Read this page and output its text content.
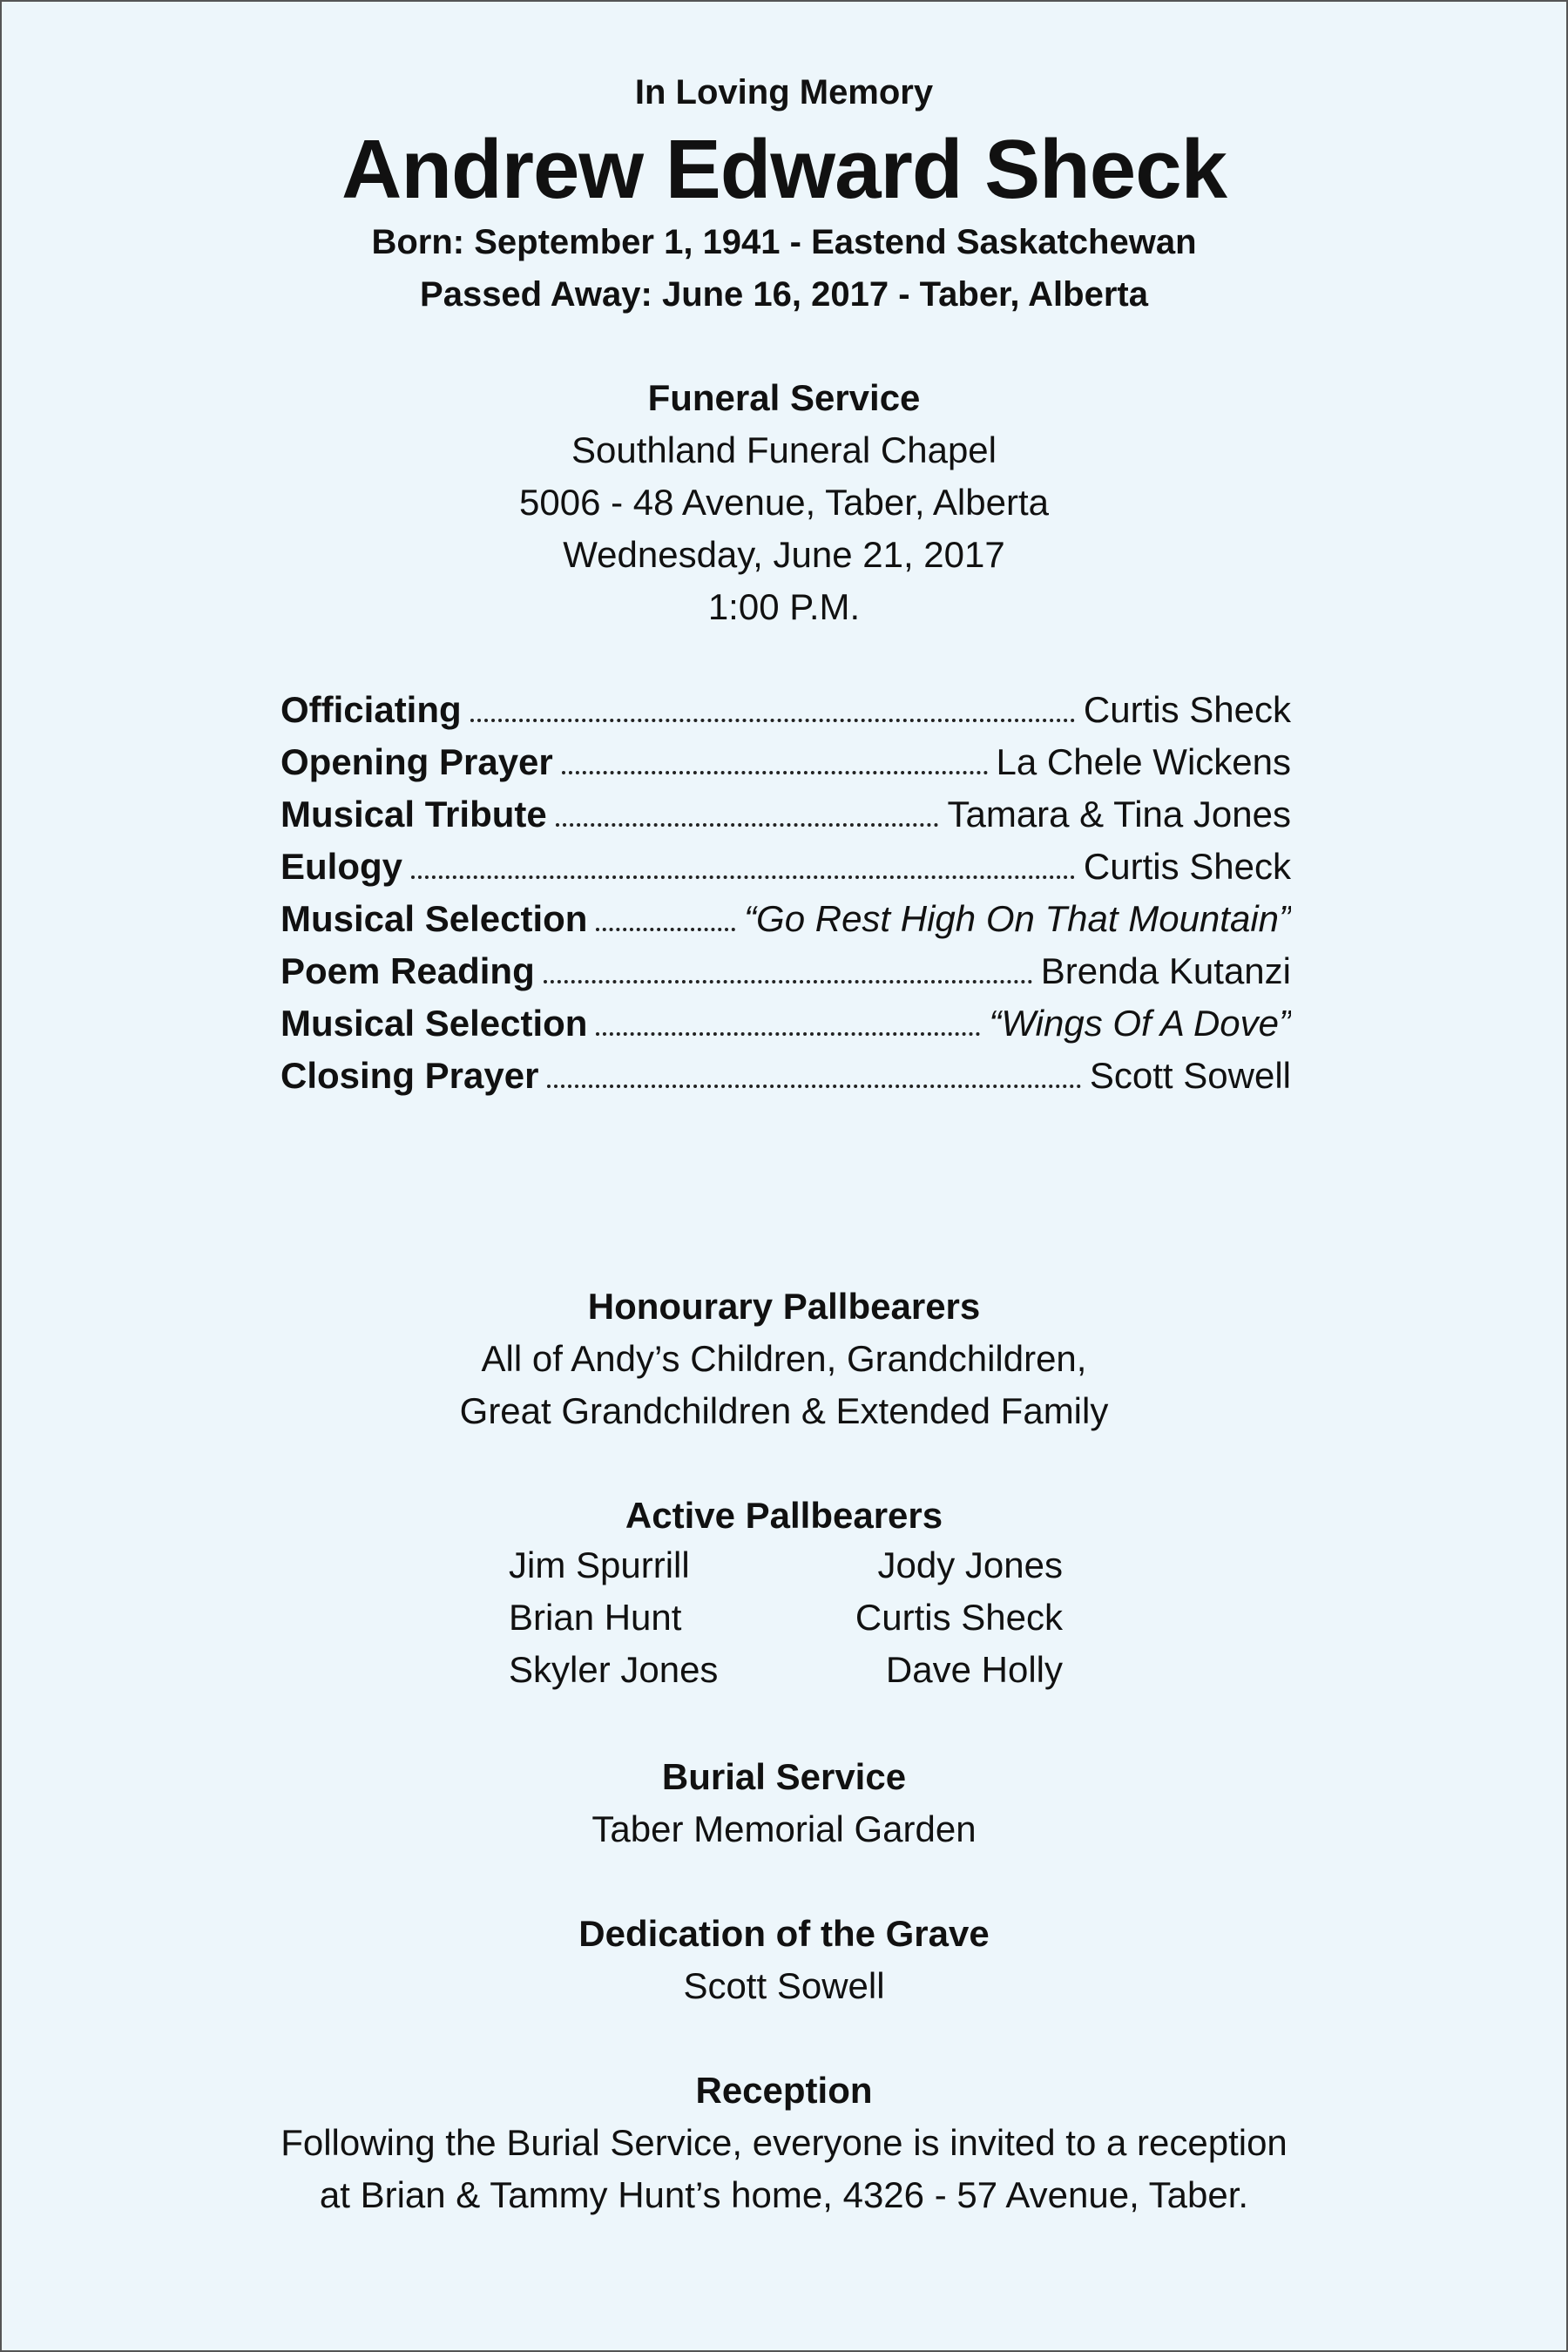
In Loving Memory
Andrew Edward Sheck
Born: September 1, 1941 - Eastend Saskatchewan
Passed Away: June 16, 2017 - Taber, Alberta
Funeral Service
Southland Funeral Chapel
5006 - 48 Avenue, Taber, Alberta
Wednesday, June 21, 2017
1:00 P.M.
Officiating	Curtis Sheck
Opening Prayer	La Chele Wickens
Musical Tribute	Tamara & Tina Jones
Eulogy	Curtis Sheck
Musical Selection	“Go Rest High On That Mountain”
Poem Reading	Brenda Kutanzi
Musical Selection	“Wings Of A Dove”
Closing Prayer	Scott Sowell
Honourary Pallbearers
All of Andy’s Children, Grandchildren,
Great Grandchildren & Extended Family
Active Pallbearers
Jim Spurrill	Jody Jones
Brian Hunt	Curtis Sheck
Skyler Jones	Dave Holly
Burial Service
Taber Memorial Garden
Dedication of the Grave
Scott Sowell
Reception
Following the Burial Service, everyone is invited to a reception
at Brian & Tammy Hunt’s home, 4326 - 57 Avenue, Taber.
